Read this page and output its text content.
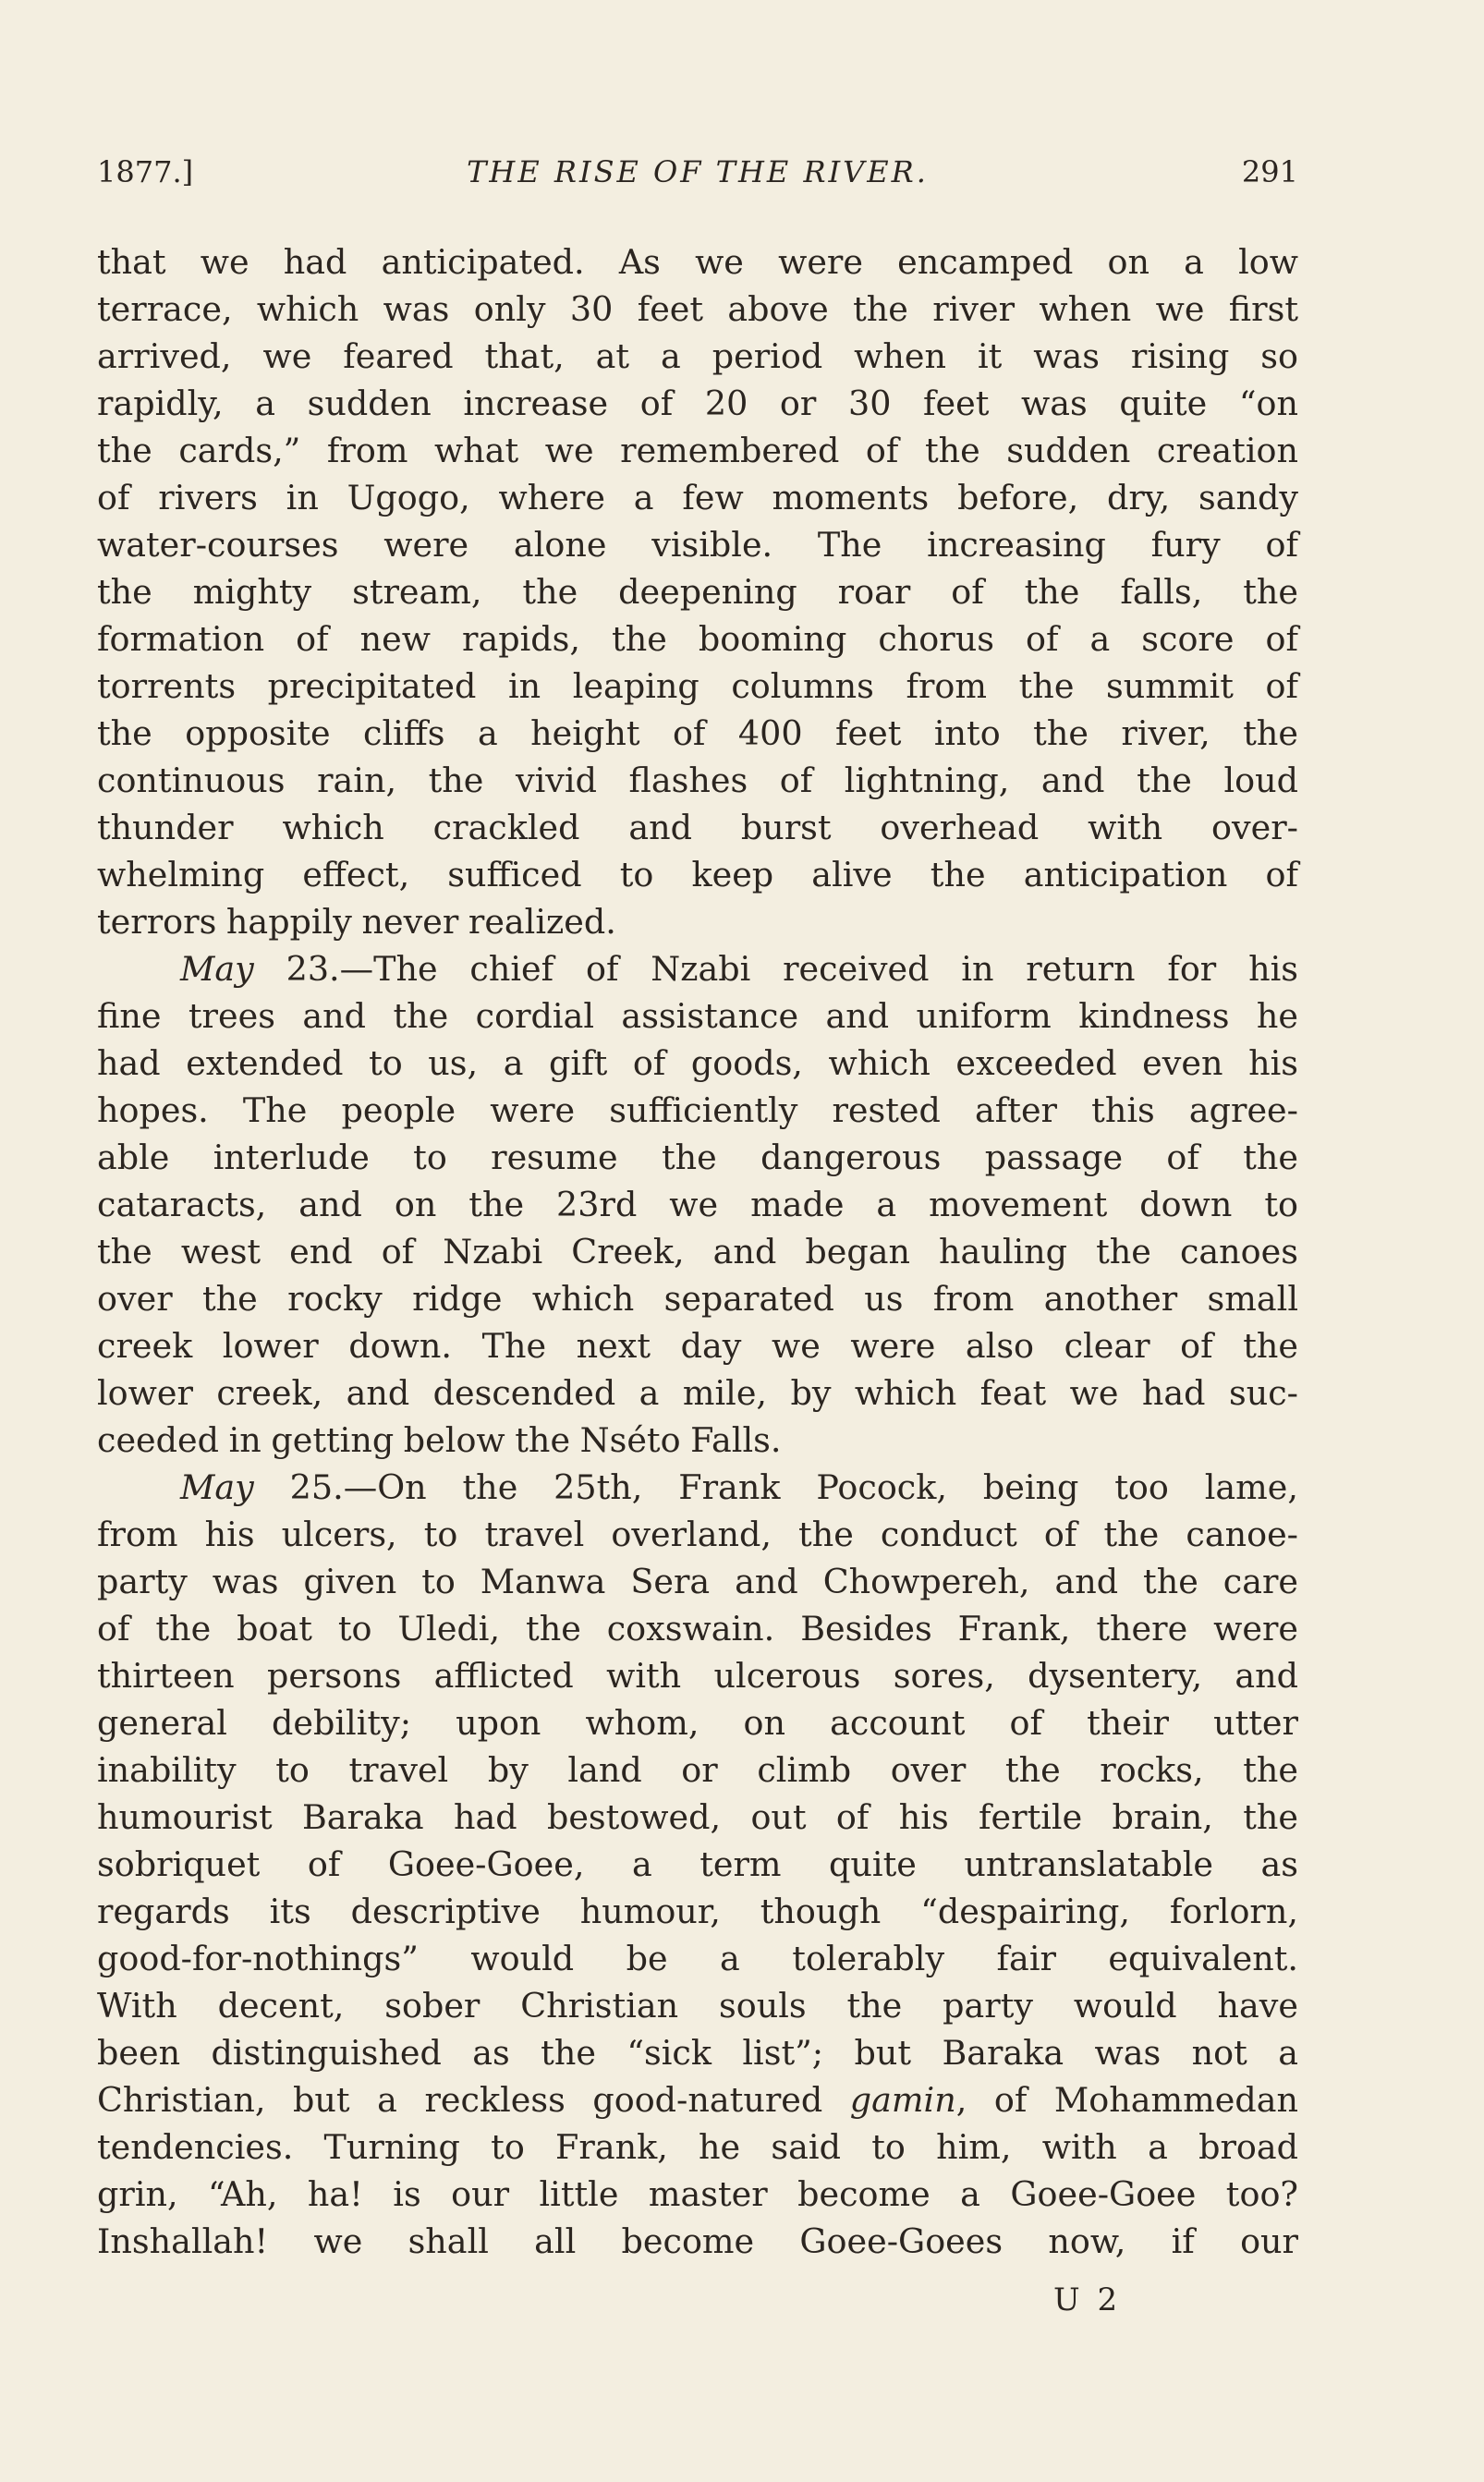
1877.]	THE RISE OF THE RIVER.	291
that we had anticipated. As we were encamped on a low
terrace, which was only 30 feet above the river when we first
arrived, we feared that, at a period when it was rising so
rapidly, a sudden increase of 20 or 30 feet was quite “on
the cards,” from what we remembered of the sudden creation
of rivers in Ugogo, where a few moments before, dry, sandy
water-courses were alone visible. The increasing fury of
the mighty stream, the deepening roar of the falls, the
formation of new rapids, the booming chorus of a score of
torrents precipitated in leaping columns from the summit of
the opposite cliffs a height of 400 feet into the river, the
continuous rain, the vivid flashes of lightning, and the loud
thunder which crackled and burst overhead with over-
whelming effect, sufficed to keep alive the anticipation of
terrors happily never realized.
May 23.—The chief of Nzabi received in return for his
fine trees and the cordial assistance and uniform kindness he
had extended to us, a gift of goods, which exceeded even his
hopes. The people were sufficiently rested after this agree-
able interlude to resume the dangerous passage of the
cataracts, and on the 23rd we made a movement down to
the west end of Nzabi Creek, and began hauling the canoes
over the rocky ridge which separated us from another small
creek lower down. The next day we were also clear of the
lower creek, and descended a mile, by which feat we had suc-
ceeded in getting below the Nséto Falls.
May 25.—On the 25th, Frank Pocock, being too lame,
from his ulcers, to travel overland, the conduct of the canoe-
party was given to Manwa Sera and Chowpereh, and the care
of the boat to Uledi, the coxswain. Besides Frank, there were
thirteen persons afflicted with ulcerous sores, dysentery, and
general debility; upon whom, on account of their utter
inability to travel by land or climb over the rocks, the
humourist Baraka had bestowed, out of his fertile brain, the
sobriquet of Goee-Goee, a term quite untranslatable as
regards its descriptive humour, though “despairing, forlorn,
good-for-nothings” would be a tolerably fair equivalent.
With decent, sober Christian souls the party would have
been distinguished as the “sick list”; but Baraka was not a
Christian, but a reckless good-natured gamin, of Mohammedan
tendencies. Turning to Frank, he said to him, with a broad
grin, “Ah, ha! is our little master become a Goee-Goee too?
Inshallah! we shall all become Goee-Goees now, if our
U 2
